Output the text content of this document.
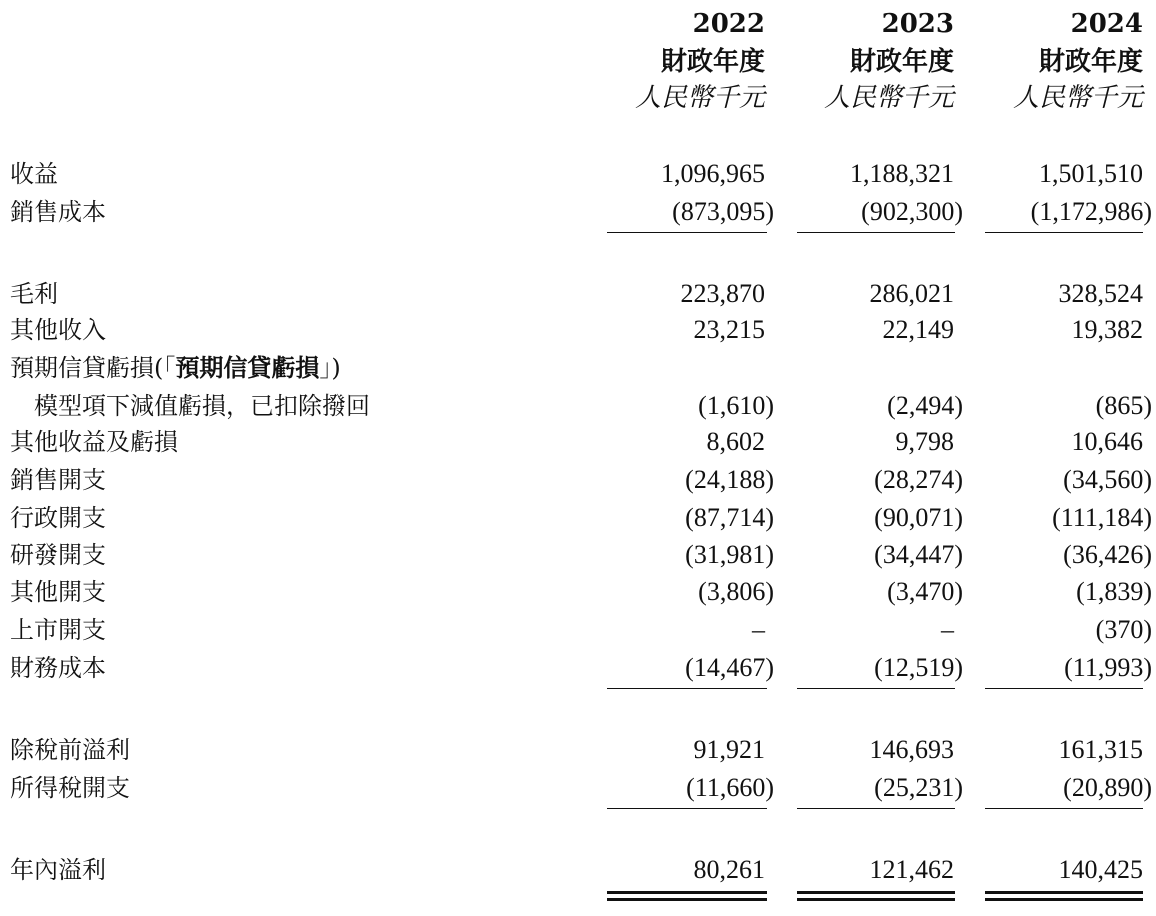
2022	2023	2024
財政年度	財政年度	財政年度
人民幣千元	人民幣千元	人民幣千元
收益	1,096,965	1,188,321	1,501,510
銷售成本	(873,095)	(902,300)	(1,172,986)
毛利	223,870	286,021	328,524
其他收入	23,215	22,149	19,382
預期信貸虧損(「預期信貸虧損」)
模型項下減值虧損，已扣除撥回	(1,610)	(2,494)	(865)
其他收益及虧損	8,602	9,798	10,646
銷售開支	(24,188)	(28,274)	(34,560)
行政開支	(87,714)	(90,071)	(111,184)
研發開支	(31,981)	(34,447)	(36,426)
其他開支	(3,806)	(3,470)	(1,839)
上市開支	–	–	(370)
財務成本	(14,467)	(12,519)	(11,993)
除稅前溢利	91,921	146,693	161,315
所得稅開支	(11,660)	(25,231)	(20,890)
年內溢利	80,261	121,462	140,425
